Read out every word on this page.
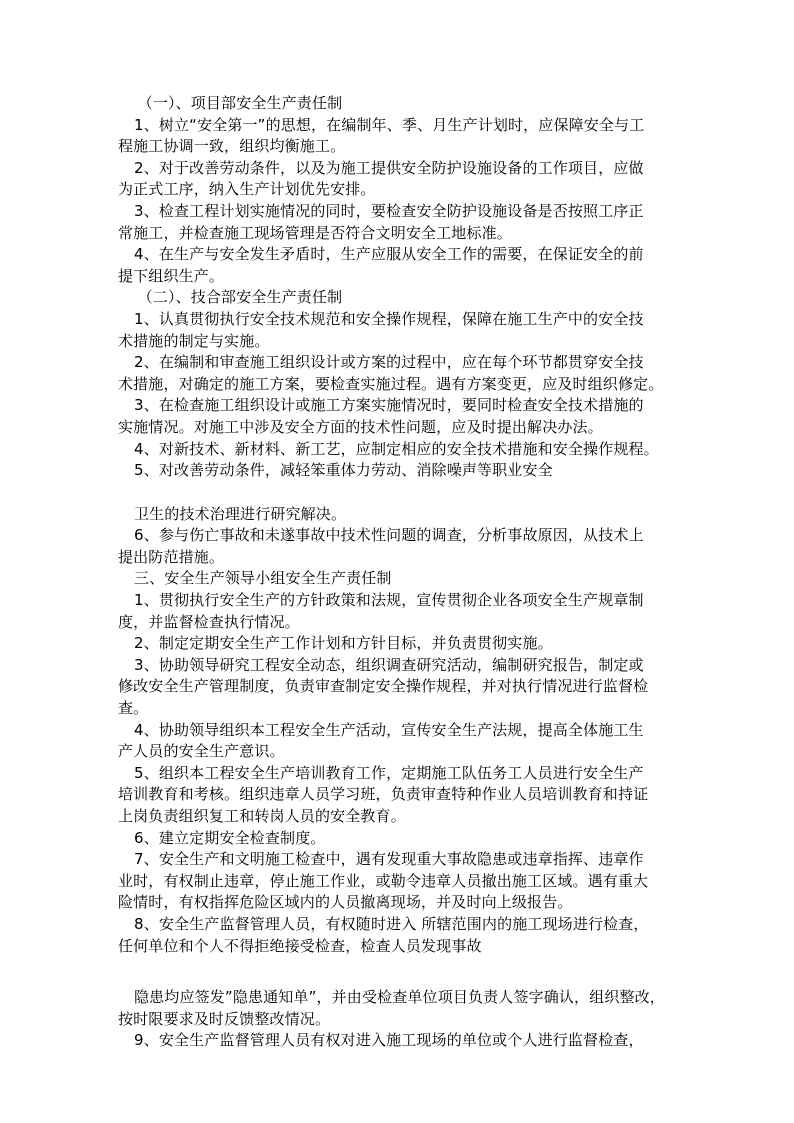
　（一）、项目部安全生产责任制
1、树立“安全第一”的思想，在编制年、季、月生产计划时，应保障安全与工
程施工协调一致，组织均衡施工。
2、对于改善劳动条件，以及为施工提供安全防护设施设备的工作项目，应做
为正式工序，纳入生产计划优先安排。
3、检查工程计划实施情况的同时，要检查安全防护设施设备是否按照工序正
常施工，并检查施工现场管理是否符合文明安全工地标准。
4、在生产与安全发生矛盾时，生产应服从安全工作的需要，在保证安全的前
提下组织生产。
　（二）、技合部安全生产责任制
1、认真贯彻执行安全技术规范和安全操作规程，保障在施工生产中的安全技
术措施的制定与实施。
2、在编制和审查施工组织设计或方案的过程中，应在每个环节都贯穿安全技
术措施，对确定的施工方案，要检查实施过程。遇有方案变更，应及时组织修定。
3、在检查施工组织设计或施工方案实施情况时，要同时检查安全技术措施的
实施情况。对施工中涉及安全方面的技术性问题，应及时提出解决办法。
4、对新技术、新材料、新工艺，应制定相应的安全技术措施和安全操作规程。
5、对改善劳动条件，减轻笨重体力劳动、消除噪声等职业安全
卫生的技术治理进行研究解决。
6、参与伤亡事故和未遂事故中技术性问题的调查，分析事故原因，从技术上
提出防范措施。
三、安全生产领导小组安全生产责任制
1、贯彻执行安全生产的方针政策和法规，宣传贯彻企业各项安全生产规章制
度，并监督检查执行情况。
2、制定定期安全生产工作计划和方针目标，并负责贯彻实施。
3、协助领导研究工程安全动态，组织调查研究活动，编制研究报告，制定或
修改安全生产管理制度，负责审查制定安全操作规程，并对执行情况进行监督检
查。
4、协助领导组织本工程安全生产活动，宣传安全生产法规，提高全体施工生
产人员的安全生产意识。
5、组织本工程安全生产培训教育工作，定期施工队伍务工人员进行安全生产
培训教育和考核。组织违章人员学习班，负责审查特种作业人员培训教育和持证
上岗负责组织复工和转岗人员的安全教育。
6、建立定期安全检查制度。
7、安全生产和文明施工检查中，遇有发现重大事故隐患或违章指挥、违章作
业时，有权制止违章，停止施工作业，或勒令违章人员撤出施工区域。遇有重大
险情时，有权指挥危险区域内的人员撤离现场，并及时向上级报告。
8、安全生产监督管理人员，有权随时进入 所辖范围内的施工现场进行检查，
任何单位和个人不得拒绝接受检查，检查人员发现事故
隐患均应签发”隐患通知单”，并由受检查单位项目负责人签字确认，组织整改，
按时限要求及时反馈整改情况。
9、安全生产监督管理人员有权对进入施工现场的单位或个人进行监督检查，
